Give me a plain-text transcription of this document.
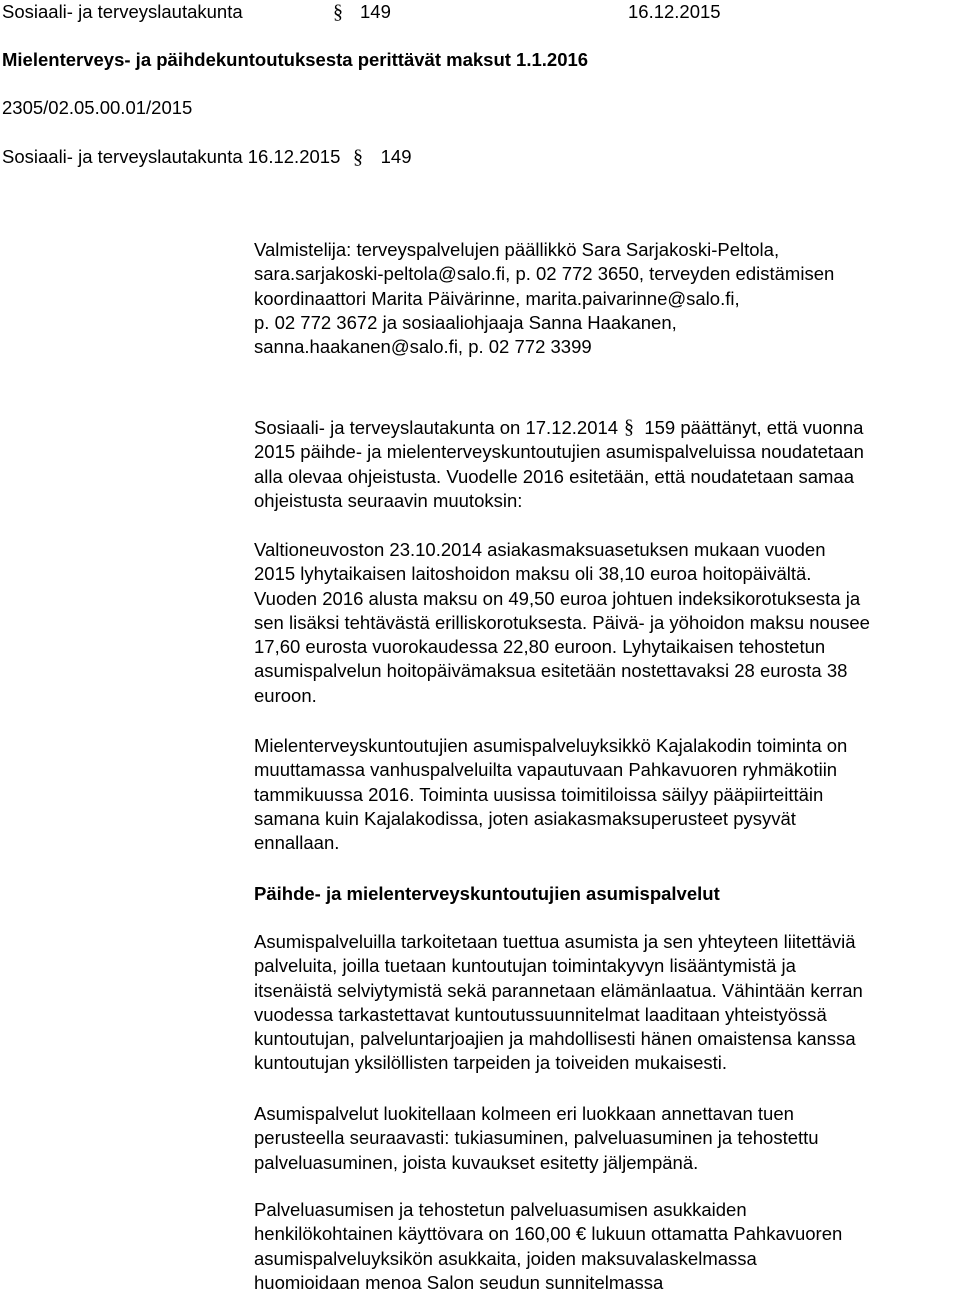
Sosiaali- ja terveyslautakunta	§ 149	16.12.2015
Mielenterveys- ja päihdekuntoutuksesta perittävät maksut 1.1.2016
2305/02.05.00.01/2015
Sosiaali- ja terveyslautakunta 16.12.2015 § 149
Valmistelija: terveyspalvelujen päällikkö Sara Sarjakoski-Peltola,
sara.sarjakoski-peltola@salo.fi, p. 02 772 3650, terveyden edistämisen
koordinaattori Marita Päivärinne, marita.paivarinne@salo.fi,
p. 02 772 3672 ja sosiaaliohjaaja Sanna Haakanen,
sanna.haakanen@salo.fi, p. 02 772 3399
Sosiaali- ja terveyslautakunta on 17.12.2014 § 159 päättänyt, että vuonna
2015 päihde- ja mielenterveyskuntoutujien asumispalveluissa noudatetaan
alla olevaa ohjeistusta. Vuodelle 2016 esitetään, että noudatetaan samaa
ohjeistusta seuraavin muutoksin:
Valtioneuvoston 23.10.2014 asiakasmaksuasetuksen mukaan vuoden
2015 lyhytaikaisen laitoshoidon maksu oli 38,10 euroa hoitopäivältä.
Vuoden 2016 alusta maksu on 49,50 euroa johtuen indeksikorotuksesta ja
sen lisäksi tehtävästä erilliskorotuksesta. Päivä- ja yöhoidon maksu nousee
17,60 eurosta vuorokaudessa 22,80 euroon. Lyhytaikaisen tehostetun
asumispalvelun hoitopäivämaksua esitetään nostettavaksi 28 eurosta 38
euroon.
Mielenterveyskuntoutujien asumispalveluyksikkö Kajalakodin toiminta on
muuttamassa vanhuspalveluilta vapautuvaan Pahkavuoren ryhmäkotiin
tammikuussa 2016. Toiminta uusissa toimitiloissa säilyy pääpiirteittäin
samana kuin Kajalakodissa, joten asiakasmaksuperusteet pysyvät
ennallaan.
Päihde- ja mielenterveyskuntoutujien asumispalvelut
Asumispalveluilla tarkoitetaan tuettua asumista ja sen yhteyteen liitettäviä
palveluita, joilla tuetaan kuntoutujan toimintakyvyn lisääntymistä ja
itsenäistä selviytymistä sekä parannetaan elämänlaatua. Vähintään kerran
vuodessa tarkastettavat kuntoutussuunnitelmat laaditaan yhteistyössä
kuntoutujan, palveluntarjoajien ja mahdollisesti hänen omaistensa kanssa
kuntoutujan yksilöllisten tarpeiden ja toiveiden mukaisesti.
Asumispalvelut luokitellaan kolmeen eri luokkaan annettavan tuen
perusteella seuraavasti: tukiasuminen, palveluasuminen ja tehostettu
palveluasuminen, joista kuvaukset esitetty jäljempänä.
Palveluasumisen ja tehostetun palveluasumisen asukkaiden
henkilökohtainen käyttövara on 160,00 € lukuun ottamatta Pahkavuoren
asumispalveluyksikön asukkaita, joiden maksuvalaskelmassa
huomioidaan menoa Salon seudun sunnitelmassa
